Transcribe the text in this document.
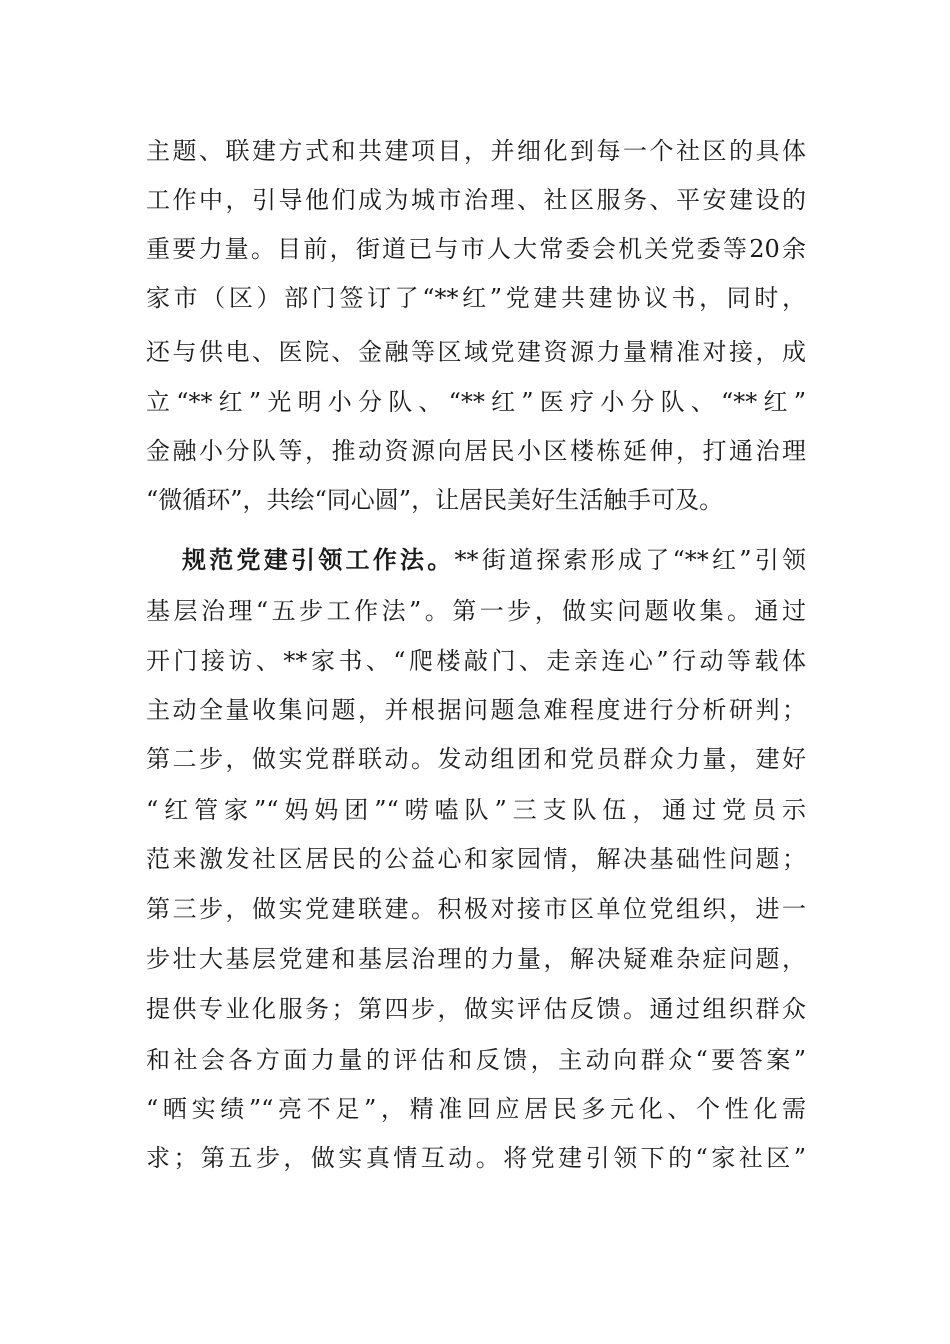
主题、联建方式和共建项目，并细化到每一个社区的具体
工作中，引导他们成为城市治理、社区服务、平安建设的
重要力量。目前，街道已与市人大常委会机关党委等20余
家市（区）部门签订了“**红”党建共建协议书，同时，
还与供电、医院、金融等区域党建资源力量精准对接，成
立“**红”光明小分队、“**红”医疗小分队、“**红”
金融小分队等，推动资源向居民小区楼栋延伸，打通治理
“微循环”，共绘“同心圆”，让居民美好生活触手可及。
规范党建引领工作法。**街道探索形成了“**红”引领
基层治理“五步工作法”。第一步，做实问题收集。通过
开门接访、**家书、“爬楼敲门、走亲连心”行动等载体
主动全量收集问题，并根据问题急难程度进行分析研判；
第二步，做实党群联动。发动组团和党员群众力量，建好
“红管家”“妈妈团”“唠嗑队”三支队伍，通过党员示
范来激发社区居民的公益心和家园情，解决基础性问题；
第三步，做实党建联建。积极对接市区单位党组织，进一
步壮大基层党建和基层治理的力量，解决疑难杂症问题，
提供专业化服务；第四步，做实评估反馈。通过组织群众
和社会各方面力量的评估和反馈，主动向群众“要答案”
“晒实绩”“亮不足”，精准回应居民多元化、个性化需
求；第五步，做实真情互动。将党建引领下的“家社区”
